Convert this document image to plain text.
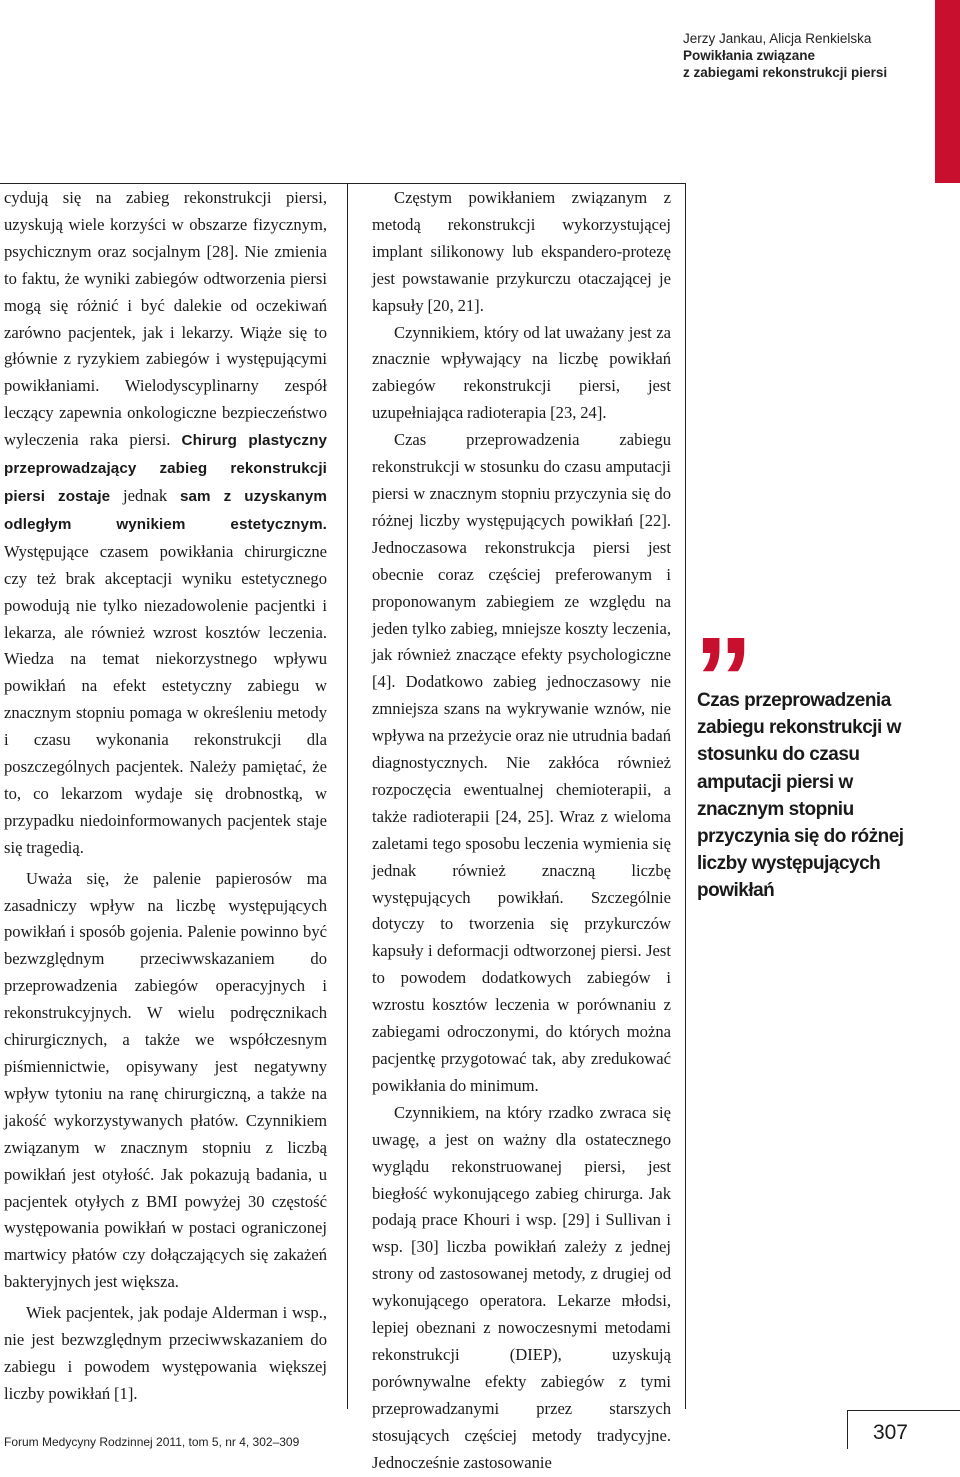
Jerzy Jankau, Alicja Renkielska
Powikłania związane
z zabiegami rekonstrukcji piersi

cydują się na zabieg rekonstrukcji piersi, uzyskują wiele korzyści w obszarze fizycznym, psychicznym oraz socjalnym [28]. Nie zmienia to faktu, że wyniki zabiegów odtworzenia piersi mogą się różnić i być dalekie od oczekiwań zarówno pacjentek, jak i lekarzy. Wiąże się to głównie z ryzykiem zabiegów i występującymi powikłaniami. Wielodyscyplinarny zespół leczący zapewnia onkologiczne bezpieczeństwo wyleczenia raka piersi. Chirurg plastyczny przeprowadzający zabieg rekonstrukcji piersi zostaje jednak sam z uzyskanym odległym wynikiem estetycznym. Występujące czasem powikłania chirurgiczne czy też brak akceptacji wyniku estetycznego powodują nie tylko niezadowolenie pacjentki i lekarza, ale również wzrost kosztów leczenia. Wiedza na temat niekorzystnego wpływu powikłań na efekt estetyczny zabiegu w znacznym stopniu pomaga w określeniu metody i czasu wykonania rekonstrukcji dla poszczególnych pacjentek. Należy pamiętać, że to, co lekarzom wydaje się drobnostką, w przypadku niedoinformowanych pacjentek staje się tragedią.

Uważa się, że palenie papierosów ma zasadniczy wpływ na liczbę występujących powikłań i sposób gojenia. Palenie powinno być bezwzględnym przeciwwskazaniem do przeprowadzenia zabiegów operacyjnych i rekonstrukcyjnych. W wielu podręcznikach chirurgicznych, a także we współczesnym piśmiennictwie, opisywany jest negatywny wpływ tytoniu na ranę chirurgiczną, a także na jakość wykorzystywanych płatów. Czynnikiem związanym w znacznym stopniu z liczbą powikłań jest otyłość. Jak pokazują badania, u pacjentek otyłych z BMI powyżej 30 częstość występowania powikłań w postaci ograniczonej martwicy płatów czy dołączających się zakażeń bakteryjnych jest większa.

Wiek pacjentek, jak podaje Alderman i wsp., nie jest bezwzględnym przeciwwskazaniem do zabiegu i powodem występowania większej liczby powikłań [1].

Częstym powikłaniem związanym z metodą rekonstrukcji wykorzystującej implant silikonowy lub ekspandero-protezę jest powstawanie przykurczu otaczającej je kapsuły [20, 21].

Czynnikiem, który od lat uważany jest za znacznie wpływający na liczbę powikłań zabiegów rekonstrukcji piersi, jest uzupełniająca radioterapia [23, 24].

Czas przeprowadzenia zabiegu rekonstrukcji w stosunku do czasu amputacji piersi w znacznym stopniu przyczynia się do różnej liczby występujących powikłań [22]. Jednoczasowa rekonstrukcja piersi jest obecnie coraz częściej preferowanym i proponowanym zabiegiem ze względu na jeden tylko zabieg, mniejsze koszty leczenia, jak również znaczące efekty psychologiczne [4]. Dodatkowo zabieg jednoczasowy nie zmniejsza szans na wykrywanie wznów, nie wpływa na przeżycie oraz nie utrudnia badań diagnostycznych. Nie zakłóca również rozpoczęcia ewentualnej chemioterapii, a także radioterapii [24, 25]. Wraz z wieloma zaletami tego sposobu leczenia wymienia się jednak również znaczną liczbę występujących powikłań. Szczególnie dotyczy to tworzenia się przykurczów kapsuły i deformacji odtworzonej piersi. Jest to powodem dodatkowych zabiegów i wzrostu kosztów leczenia w porównaniu z zabiegami odroczonymi, do których można pacjentkę przygotować tak, aby zredukować powikłania do minimum.

Czynnikiem, na który rzadko zwraca się uwagę, a jest on ważny dla ostatecznego wyglądu rekonstruowanej piersi, jest biegłość wykonującego zabieg chirurga. Jak podają prace Khouri i wsp. [29] i Sullivan i wsp. [30] liczba powikłań zależy z jednej strony od zastosowanej metody, z drugiej od wykonującego operatora. Lekarze młodsi, lepiej obeznani z nowoczesnymi metodami rekonstrukcji (DIEP), uzyskują porównywalne efekty zabiegów z tymi przeprowadzanymi przez starszych stosujących częściej metody tradycyjne. Jednocześnie zastosowanie

”
Czas przeprowadzenia zabiegu rekonstrukcji w stosunku do czasu amputacji piersi w znacznym stopniu przyczynia się do różnej liczby występujących powikłań
Forum Medycyny Rodzinnej 2011, tom 5, nr 4, 302–309	307
